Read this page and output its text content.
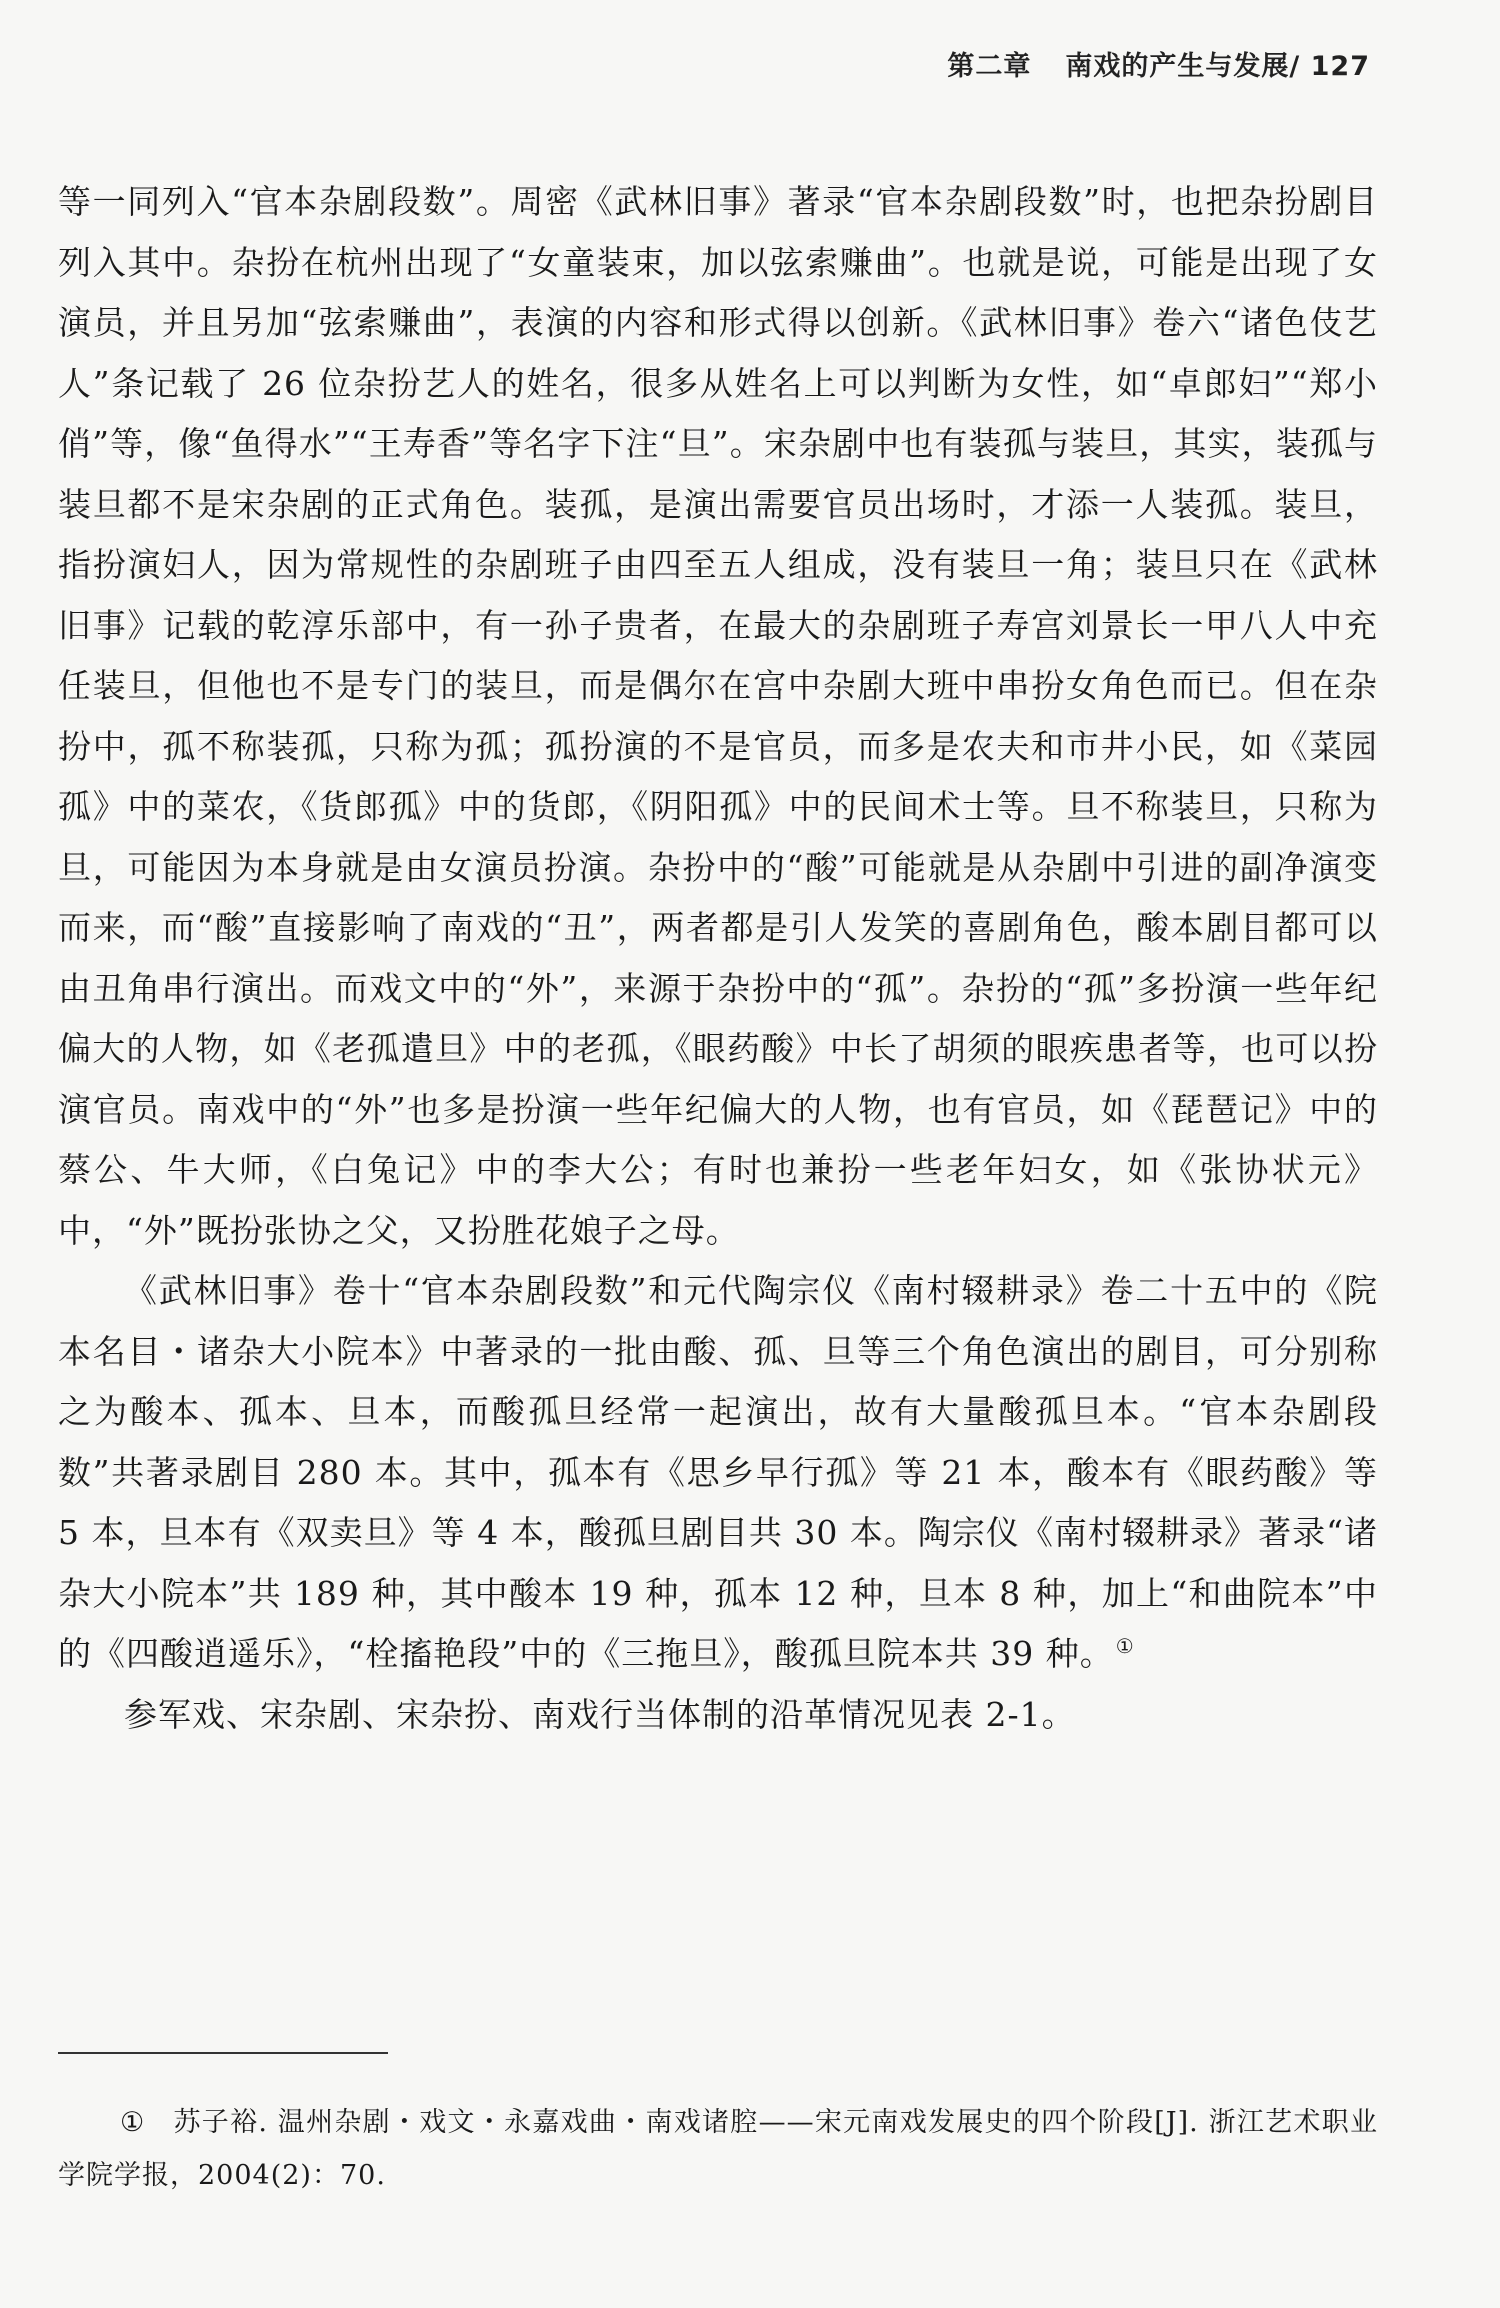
第二章 南戏的产生与发展/ 127

等一同列入“官本杂剧段数”。周密《武林旧事》著录“官本杂剧段数”时，也把杂扮剧目列入其中。杂扮在杭州出现了“女童装束，加以弦索赚曲”。也就是说，可能是出现了女演员，并且另加“弦索赚曲”，表演的内容和形式得以创新。《武林旧事》卷六“诸色伎艺人”条记载了 26 位杂扮艺人的姓名，很多从姓名上可以判断为女性，如“卓郎妇”“郑小俏”等，像“鱼得水”“王寿香”等名字下注“旦”。宋杂剧中也有装孤与装旦，其实，装孤与装旦都不是宋杂剧的正式角色。装孤，是演出需要官员出场时，才添一人装孤。装旦，指扮演妇人，因为常规性的杂剧班子由四至五人组成，没有装旦一角；装旦只在《武林旧事》记载的乾淳乐部中，有一孙子贵者，在最大的杂剧班子寿宫刘景长一甲八人中充任装旦，但他也不是专门的装旦，而是偶尔在宫中杂剧大班中串扮女角色而已。但在杂扮中，孤不称装孤，只称为孤；孤扮演的不是官员，而多是农夫和市井小民，如《菜园孤》中的菜农，《货郎孤》中的货郎，《阴阳孤》中的民间术士等。旦不称装旦，只称为旦，可能因为本身就是由女演员扮演。杂扮中的“酸”可能就是从杂剧中引进的副净演变而来，而“酸”直接影响了南戏的“丑”，两者都是引人发笑的喜剧角色，酸本剧目都可以由丑角串行演出。而戏文中的“外”，来源于杂扮中的“孤”。杂扮的“孤”多扮演一些年纪偏大的人物，如《老孤遣旦》中的老孤，《眼药酸》中长了胡须的眼疾患者等，也可以扮演官员。南戏中的“外”也多是扮演一些年纪偏大的人物，也有官员，如《琵琶记》中的蔡公、牛大师，《白兔记》中的李大公；有时也兼扮一些老年妇女，如《张协状元》中，“外”既扮张协之父，又扮胜花娘子之母。

《武林旧事》卷十“官本杂剧段数”和元代陶宗仪《南村辍耕录》卷二十五中的《院本名目・诸杂大小院本》中著录的一批由酸、孤、旦等三个角色演出的剧目，可分别称之为酸本、孤本、旦本，而酸孤旦经常一起演出，故有大量酸孤旦本。“官本杂剧段数”共著录剧目 280 本。其中，孤本有《思乡早行孤》等 21 本，酸本有《眼药酸》等 5 本，旦本有《双卖旦》等 4 本，酸孤旦剧目共 30 本。陶宗仪《南村辍耕录》著录“诸杂大小院本”共 189 种，其中酸本 19 种，孤本 12 种，旦本 8 种，加上“和曲院本”中的《四酸逍遥乐》，“栓搐艳段”中的《三拖旦》，酸孤旦院本共 39 种。 ①

参军戏、宋杂剧、宋杂扮、南戏行当体制的沿革情况见表 2-1。

① 苏子裕. 温州杂剧・戏文・永嘉戏曲・南戏诸腔——宋元南戏发展史的四个阶段[J]. 浙江艺术职业学院学报，2004(2)：70.
